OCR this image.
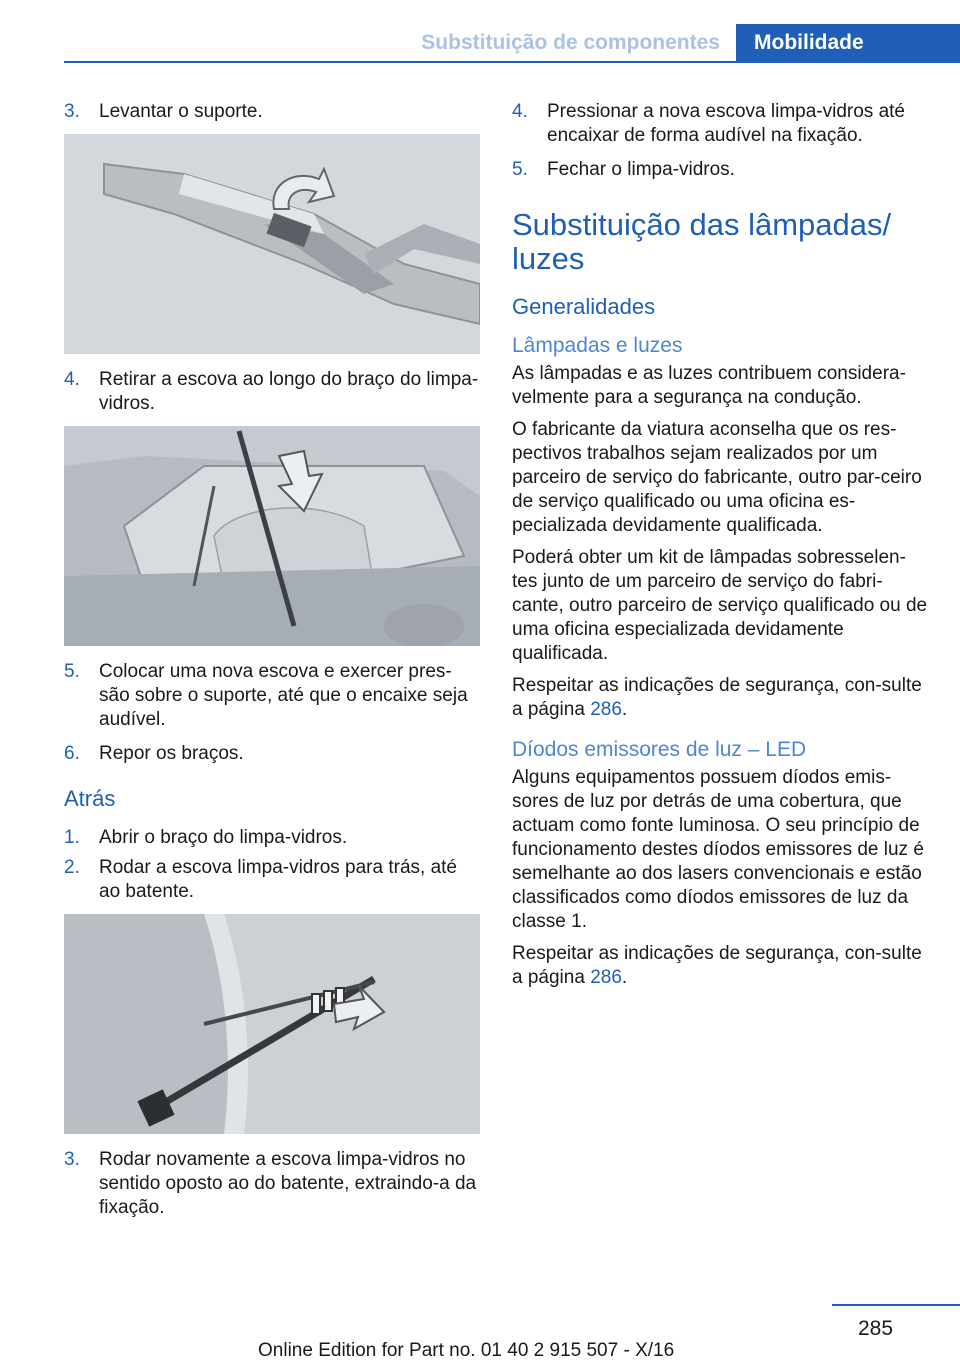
Substituição de componentes	Mobilidade
3.	Levantar o suporte.
4.	Retirar a escova ao longo do braço do limpa-vidros.
5.	Colocar uma nova escova e exercer pres‐são sobre o suporte, até que o encaixe seja audível.
6.	Repor os braços.
Atrás
1.	Abrir o braço do limpa-vidros.
2.	Rodar a escova limpa-vidros para trás, até ao batente.
3.	Rodar novamente a escova limpa-vidros no sentido oposto ao do batente, extraindo-a da fixação.
4.	Pressionar a nova escova limpa-vidros até encaixar de forma audível na fixação.
5.	Fechar o limpa-vidros.
Substituição das lâmpadas/ luzes
Generalidades
Lâmpadas e luzes

As lâmpadas e as luzes contribuem considera‐velmente para a segurança na condução.

O fabricante da viatura aconselha que os res‐pectivos trabalhos sejam realizados por um parceiro de serviço do fabricante, outro par‐ceiro de serviço qualificado ou uma oficina es‐pecializada devidamente qualificada.

Poderá obter um kit de lâmpadas sobresselen‐tes junto de um parceiro de serviço do fabri‐cante, outro parceiro de serviço qualificado ou de uma oficina especializada devidamente qualificada.

Respeitar as indicações de segurança, con‐sulte a página 286.

Díodos emissores de luz – LED

Alguns equipamentos possuem díodos emis‐sores de luz por detrás de uma cobertura, que actuam como fonte luminosa. O seu princípio de funcionamento destes díodos emissores de luz é semelhante ao dos lasers convencionais e estão classificados como díodos emissores de luz da classe 1.

Respeitar as indicações de segurança, con‐sulte a página 286.

285
Online Edition for Part no. 01 40 2 915 507 - X/16
